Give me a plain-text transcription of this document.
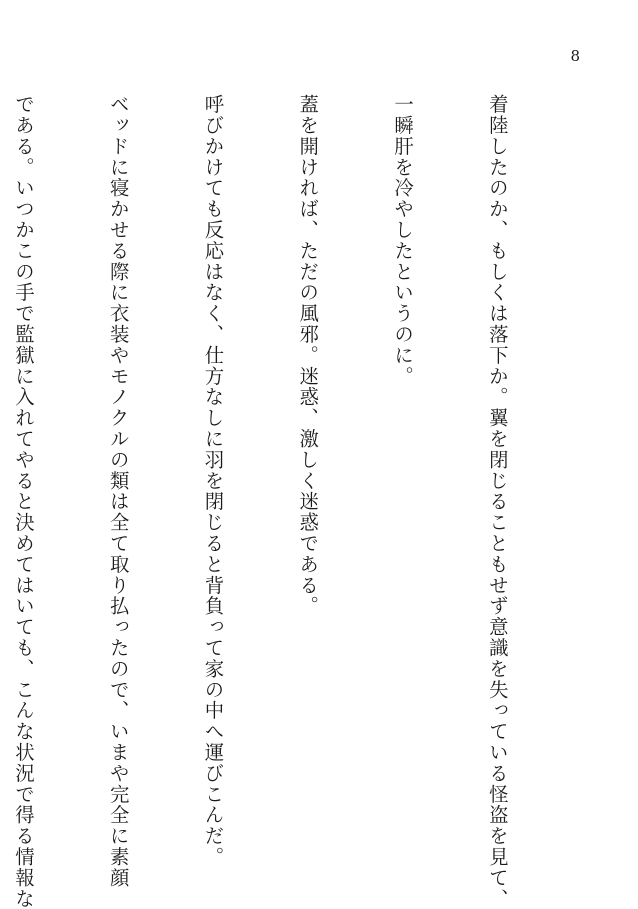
8

着陸したのか、もしくは落下か。翼を閉じることもせず意識を失っている怪盗を見て、

一瞬肝を冷やしたというのに。

蓋を開ければ、ただの風邪。迷惑、激しく迷惑である。

呼びかけても反応はなく、仕方なしに羽を閉じると背負って家の中へ運びこんだ。

ベッドに寝かせる際に衣装やモノクルの類は全て取り払ったので、いまや完全に素顔

である。いつかこの手で監獄に入れてやると決めてはいても、こんな状況で得る情報な
